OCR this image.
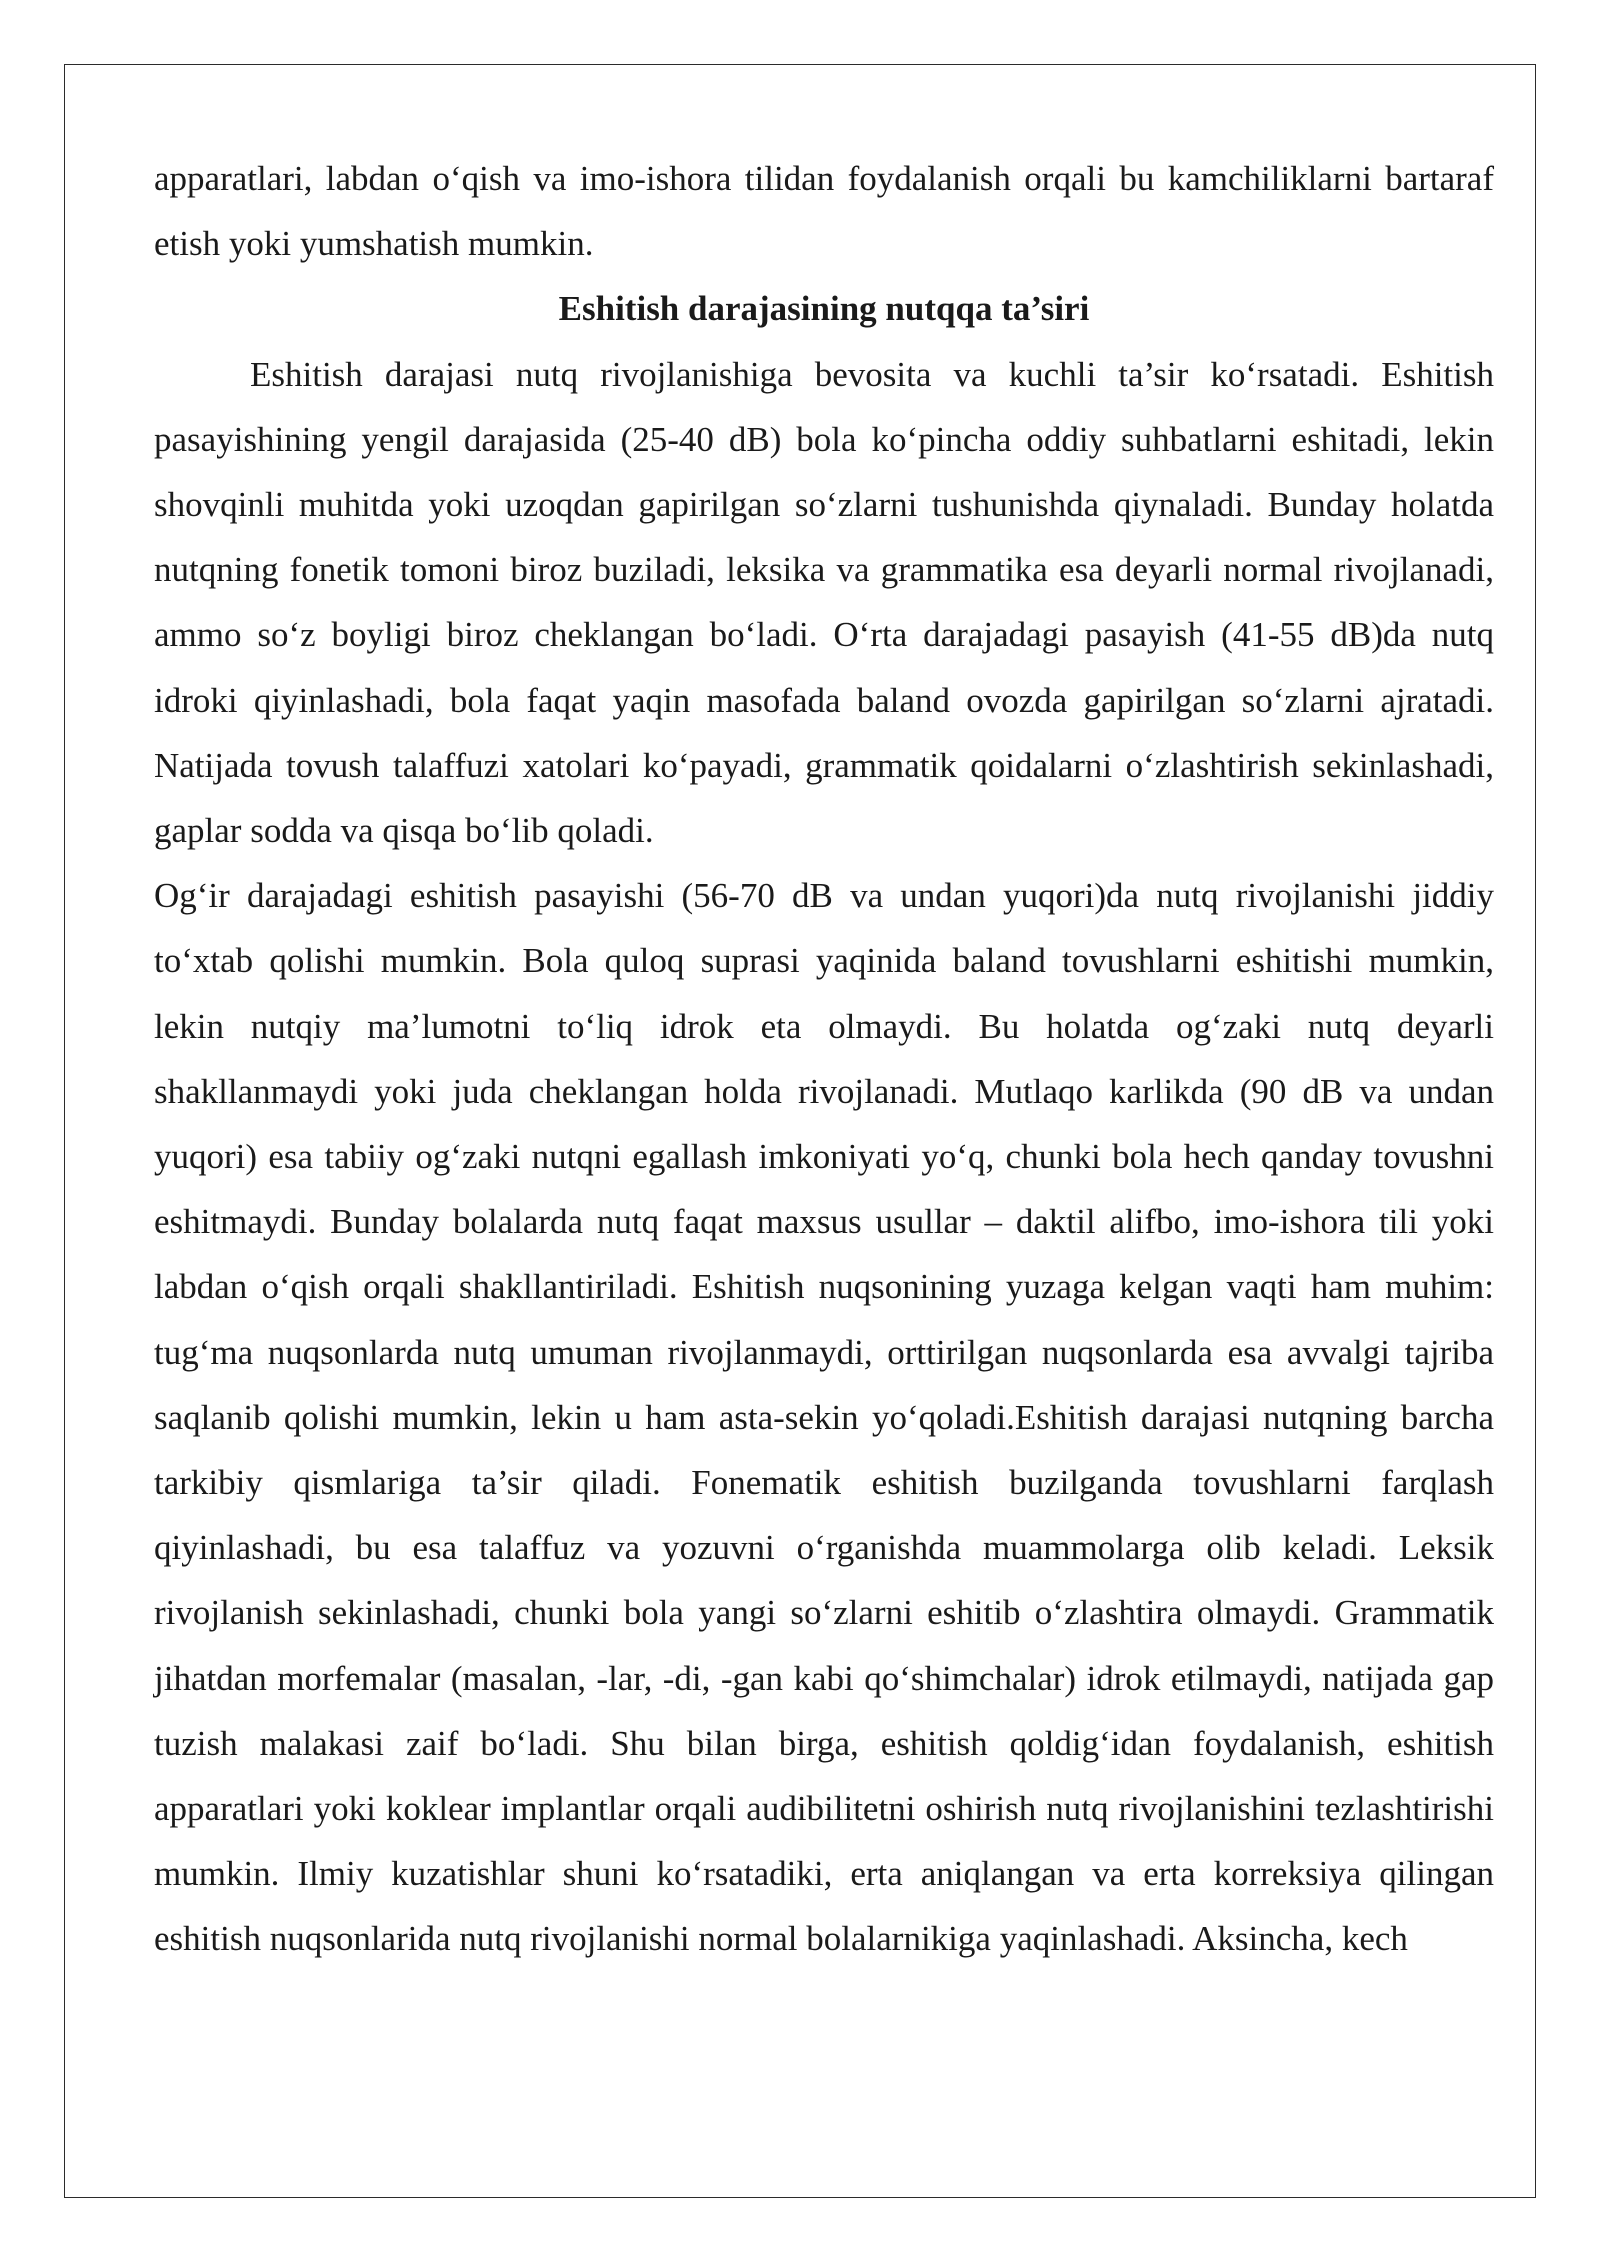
apparatlari, labdan o‘qish va imo-ishora tilidan foydalanish orqali bu kamchiliklarni bartaraf etish yoki yumshatish mumkin.

Eshitish darajasining nutqqa ta’siri

Eshitish darajasi nutq rivojlanishiga bevosita va kuchli ta’sir ko‘rsatadi. Eshitish pasayishining yengil darajasida (25-40 dB) bola ko‘pincha oddiy suhbatlarni eshitadi, lekin shovqinli muhitda yoki uzoqdan gapirilgan so‘zlarni tushunishda qiynaladi. Bunday holatda nutqning fonetik tomoni biroz buziladi, leksika va grammatika esa deyarli normal rivojlanadi, ammo so‘z boyligi biroz cheklangan bo‘ladi. O‘rta darajadagi pasayish (41-55 dB)da nutq idroki qiyinlashadi, bola faqat yaqin masofada baland ovozda gapirilgan so‘zlarni ajratadi. Natijada tovush talaffuzi xatolari ko‘payadi, grammatik qoidalarni o‘zlashtirish sekinlashadi, gaplar sodda va qisqa bo‘lib qoladi.

Og‘ir darajadagi eshitish pasayishi (56-70 dB va undan yuqori)da nutq rivojlanishi jiddiy to‘xtab qolishi mumkin. Bola quloq suprasi yaqinida baland tovushlarni eshitishi mumkin, lekin nutqiy ma’lumotni to‘liq idrok eta olmaydi. Bu holatda og‘zaki nutq deyarli shakllanmaydi yoki juda cheklangan holda rivojlanadi. Mutlaqo karlikda (90 dB va undan yuqori) esa tabiiy og‘zaki nutqni egallash imkoniyati yo‘q, chunki bola hech qanday tovushni eshitmaydi. Bunday bolalarda nutq faqat maxsus usullar – daktil alifbo, imo-ishora tili yoki labdan o‘qish orqali shakllantiriladi. Eshitish nuqsonining yuzaga kelgan vaqti ham muhim: tug‘ma nuqsonlarda nutq umuman rivojlanmaydi, orttirilgan nuqsonlarda esa avvalgi tajriba saqlanib qolishi mumkin, lekin u ham asta-sekin yo‘qoladi.Eshitish darajasi nutqning barcha tarkibiy qismlariga ta’sir qiladi. Fonematik eshitish buzilganda tovushlarni farqlash qiyinlashadi, bu esa talaffuz va yozuvni o‘rganishda muammolarga olib keladi. Leksik rivojlanish sekinlashadi, chunki bola yangi so‘zlarni eshitib o‘zlashtira olmaydi. Grammatik jihatdan morfemalar (masalan, -lar, -di, -gan kabi qo‘shimchalar) idrok etilmaydi, natijada gap tuzish malakasi zaif bo‘ladi. Shu bilan birga, eshitish qoldig‘idan foydalanish, eshitish apparatlari yoki koklear implantlar orqali audibilitetni oshirish nutq rivojlanishini tezlashtirishi mumkin. Ilmiy kuzatishlar shuni ko‘rsatadiki, erta aniqlangan va erta korreksiya qilingan eshitish nuqsonlarida nutq rivojlanishi normal bolalarnikiga yaqinlashadi. Aksincha, kech
